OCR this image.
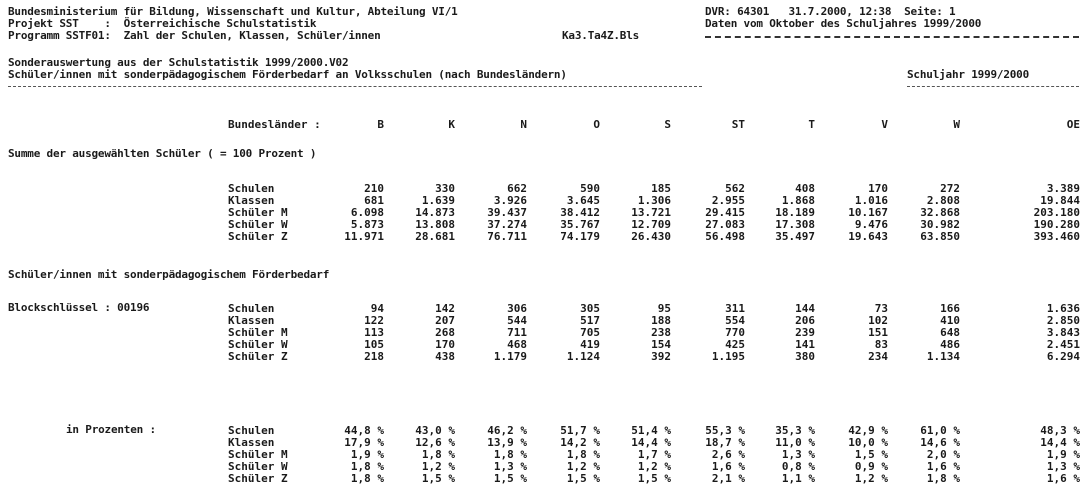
Bundesministerium für Bildung, Wissenschaft und Kultur, Abteilung VI/1	DVR: 64301   31.7.2000, 12:38  Seite: 1
Projekt SST    :  Österreichische Schulstatistik	Daten vom Oktober des Schuljahres 1999/2000
Programm SSTF01:  Zahl der Schulen, Klassen, Schüler/innen	Ka3.Ta4Z.Bls
Sonderauswertung aus der Schulstatistik 1999/2000.V02
Schüler/innen mit sonderpädagogischem Förderbedarf an Volksschulen (nach Bundesländern)	Schuljahr 1999/2000
Bundesländer :	B	K	N	O	S	ST	T	V	W	OE
Summe der ausgewählten Schüler ( = 100 Prozent )
Schulen	210	330	662	590	185	562	408	170	272	3.389
Klassen	681	1.639	3.926	3.645	1.306	2.955	1.868	1.016	2.808	19.844
Schüler M	6.098	14.873	39.437	38.412	13.721	29.415	18.189	10.167	32.868	203.180
Schüler W	5.873	13.808	37.274	35.767	12.709	27.083	17.308	9.476	30.982	190.280
Schüler Z	11.971	28.681	76.711	74.179	26.430	56.498	35.497	19.643	63.850	393.460
Schüler/innen mit sonderpädagogischem Förderbedarf
Blockschlüssel : 00196	Schulen	94	142	306	305	95	311	144	73	166	1.636
Klassen	122	207	544	517	188	554	206	102	410	2.850
Schüler M	113	268	711	705	238	770	239	151	648	3.843
Schüler W	105	170	468	419	154	425	141	83	486	2.451
Schüler Z	218	438	1.179	1.124	392	1.195	380	234	1.134	6.294
in Prozenten :	Schulen	44,8 %	43,0 %	46,2 %	51,7 %	51,4 %	55,3 %	35,3 %	42,9 %	61,0 %	48,3 %
Klassen	17,9 %	12,6 %	13,9 %	14,2 %	14,4 %	18,7 %	11,0 %	10,0 %	14,6 %	14,4 %
Schüler M	1,9 %	1,8 %	1,8 %	1,8 %	1,7 %	2,6 %	1,3 %	1,5 %	2,0 %	1,9 %
Schüler W	1,8 %	1,2 %	1,3 %	1,2 %	1,2 %	1,6 %	0,8 %	0,9 %	1,6 %	1,3 %
Schüler Z	1,8 %	1,5 %	1,5 %	1,5 %	1,5 %	2,1 %	1,1 %	1,2 %	1,8 %	1,6 %
